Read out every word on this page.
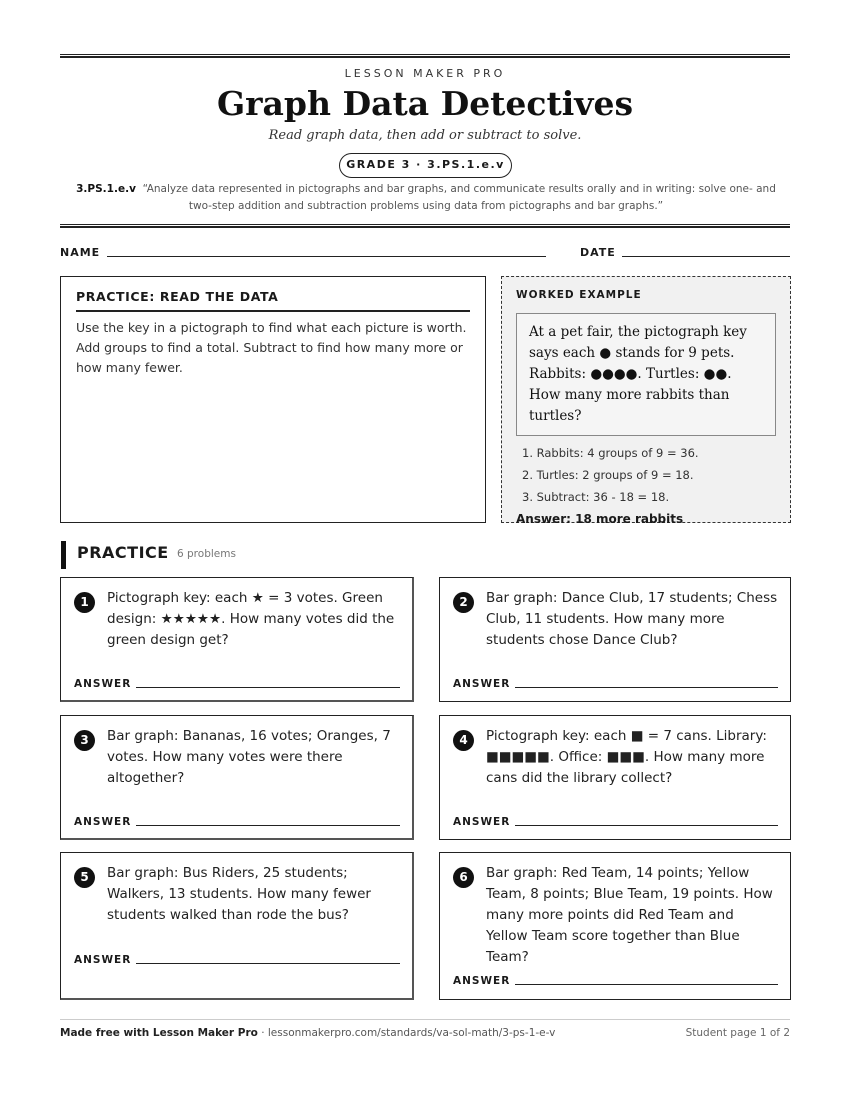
LESSON MAKER PRO
Graph Data Detectives
Read graph data, then add or subtract to solve.
GRADE 3 · 3.PS.1.e.v
3.PS.1.e.v “Analyze data represented in pictographs and bar graphs, and communicate results orally and in writing: solve one- and two-step addition and subtraction problems using data from pictographs and bar graphs.”
NAME	DATE
PRACTICE: READ THE DATA
Use the key in a pictograph to find what each picture is worth. Add groups to find a total. Subtract to find how many more or how many fewer.
WORKED EXAMPLE
At a pet fair, the pictograph key says each ● stands for 9 pets. Rabbits: ●●●●. Turtles: ●●. How many more rabbits than turtles?
1. Rabbits: 4 groups of 9 = 36.
2. Turtles: 2 groups of 9 = 18.
3. Subtract: 36 - 18 = 18.
Answer: 18 more rabbits
PRACTICE 6 problems
1	Pictograph key: each ★ = 3 votes. Green design: ★★★★★. How many votes did the green design get?
ANSWER
2	Bar graph: Dance Club, 17 students; Chess Club, 11 students. How many more students chose Dance Club?
ANSWER
3	Bar graph: Bananas, 16 votes; Oranges, 7 votes. How many votes were there altogether?
ANSWER
4	Pictograph key: each ■ = 7 cans. Library: ■■■■■. Office: ■■■. How many more cans did the library collect?
ANSWER
5	Bar graph: Bus Riders, 25 students; Walkers, 13 students. How many fewer students walked than rode the bus?
ANSWER
6	Bar graph: Red Team, 14 points; Yellow Team, 8 points; Blue Team, 19 points. How many more points did Red Team and Yellow Team score together than Blue Team?
ANSWER
Made free with Lesson Maker Pro · lessonmakerpro.com/standards/va-sol-math/3-ps-1-e-v	Student page 1 of 2
